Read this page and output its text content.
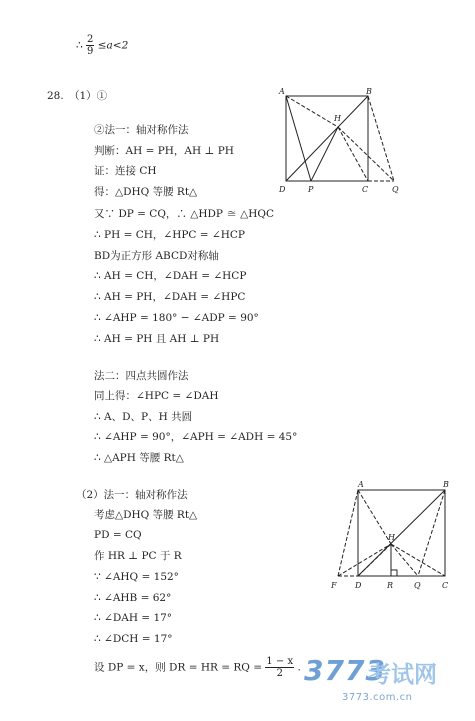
∴ $\frac{2}{9} \le a<2$
28. （1）①
②法一：轴对称作法
判断：AH = PH，AH ⊥ PH
证：连接 CH
得：△DHQ 等腰 Rt△
又∵ DP = CQ，∴ △HDP ≅ △HQC
∴ PH = CH，∠HPC = ∠HCP
BD为正方形 ABCD对称轴
∴ AH = CH，∠DAH = ∠HCP
∴ AH = PH，∠DAH = ∠HPC
∴ ∠AHP = 180° − ∠ADP = 90°
∴ AH = PH 且 AH ⊥ PH
法二：四点共圆作法
同上得：∠HPC = ∠DAH
∴ A、D、P、H 共圆
∴ ∠AHP = 90°，∠APH = ∠ADH = 45°
∴ △APH 等腰 Rt△
（2）法一：轴对称作法
考虑△DHQ 等腰 Rt△
PD = CQ
作 HR ⊥ PC 于 R
∵ ∠AHQ = 152°
∴ ∠AHB = 62°
∴ ∠DAH = 17°
∴ ∠DCH = 17°
设 DP = x，则 DR = HR = RQ = $\frac{1 - x}{2}$ .
A	B
H
D	P	C	Q
A	B
H
F D	R	Q	C
3773
考试网
3773.com.cn
